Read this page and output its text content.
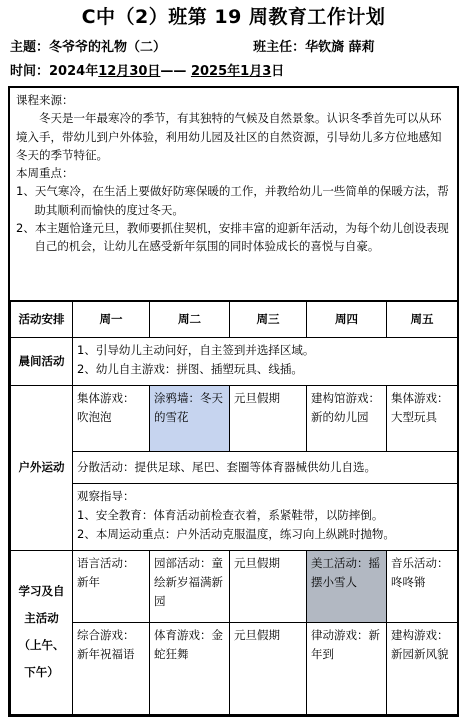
C中（2）班第 19 周教育工作计划
主题：冬爷爷的礼物（二）	班主任：华钦旖 薛莉
时间：2024年12月30日—— 2025年1月3日

课程来源：

冬天是一年最寒冷的季节，有其独特的气候及自然景象。认识冬季首先可以从环境入手，带幼儿到户外体验，利用幼儿园及社区的自然资源，引导幼儿多方位地感知冬天的季节特征。

本周重点：

1、天气寒冷，在生活上要做好防寒保暖的工作，并教给幼儿一些简单的保暖方法，帮助其顺利而愉快的度过冬天。

2、本主题恰逢元旦，教师要抓住契机，安排丰富的迎新年活动，为每个幼儿创设表现自己的机会，让幼儿在感受新年氛围的同时体验成长的喜悦与自豪。

活动安排	周一	周二	周三	周四	周五
晨间活动	1、引导幼儿主动问好，自主签到并选择区域。
2、幼儿自主游戏：拼图、插塑玩具、线插。				

户外运动	集体游戏：吹泡泡	涂鸦墙：冬天的雪花	元旦假期	建构馆游戏：新的幼儿园	集体游戏：大型玩具
	分散活动：提供足球、尾巴、套圈等体育器械供幼儿自选。				

	观察指导：
1、安全教育：体育活动前检查衣着，系紧鞋带，以防摔倒。
2、本周运动重点：户外活动克服温度，练习向上纵跳时抛物。				

学习及自
主活动
（上午、
下午）	语言活动：新年	园部活动：童绘新岁福满新园	元旦假期	美工活动：摇摆小雪人	音乐活动：咚咚锵
	综合游戏：新年祝福语	体育游戏：金蛇狂舞	元旦假期	律动游戏：新年到	建构游戏：新园新风貌
